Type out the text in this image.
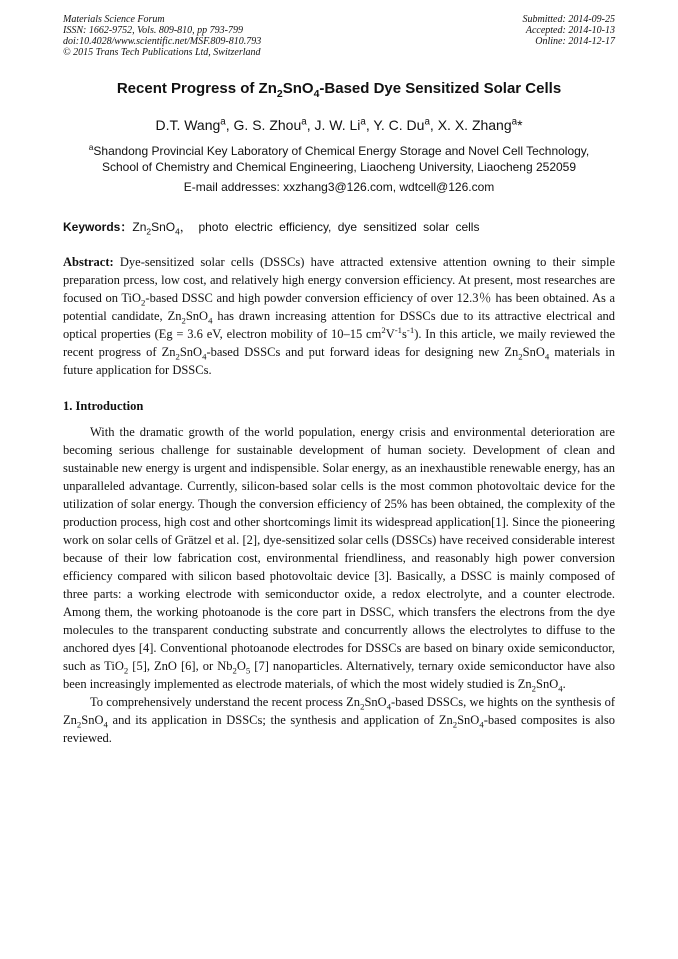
Materials Science Forum
ISSN: 1662-9752, Vols. 809-810, pp 793-799
doi:10.4028/www.scientific.net/MSF.809-810.793
© 2015 Trans Tech Publications Ltd, Switzerland
Submitted: 2014-09-25
Accepted: 2014-10-13
Online: 2014-12-17
Recent Progress of $Zn_2SnO_4$-Based Dye Sensitized Solar Cells
D.T. Wang$^a$, G. S. Zhou$^a$, J. W. Li$^a$, Y. C. Du$^a$, X. X. Zhang$^a$*
$^a$Shandong Provincial Key Laboratory of Chemical Energy Storage and Novel Cell Technology,
School of Chemistry and Chemical Engineering, Liaocheng University, Liaocheng 252059
E-mail addresses: xxzhang3@126.com, wdtcell@126.com
Keywords：$Zn_2SnO_4$， photo electric efficiency, dye sensitized solar cells
Abstract: Dye-sensitized solar cells (DSSCs) have attracted extensive attention owning to their simple preparation prcess, low cost, and relatively high energy conversion efficiency. At present, most researches are focused on TiO$_2$-based DSSC and high powder conversion efficiency of over 12.3％ has been obtained. As a potential candidate, $Zn_2SnO_4$ has drawn increasing attention for DSSCs due to its attractive electrical and optical properties (Eg = 3.6 eV, electron mobility of 10–15 $cm^2V^{-1}s^{-1}$). In this article, we maily reviewed the recent progress of $Zn_2SnO_4$-based DSSCs and put forward ideas for designing new $Zn_2SnO_4$ materials in future application for DSSCs.
1. Introduction

With the dramatic growth of the world population, energy crisis and environmental deterioration are becoming serious challenge for sustainable development of human society. Development of clean and sustainable new energy is urgent and indispensible. Solar energy, as an inexhaustible renewable energy, has an unparalleled advantage. Currently, silicon-based solar cells is the most common photovoltaic device for the utilization of solar energy. Though the conversion efficiency of 25% has been obtained, the complexity of the production process, high cost and other shortcomings limit its widespread application[1]. Since the pioneering work on solar cells of Grätzel et al. [2], dye-sensitized solar cells (DSSCs) have received considerable interest because of their low fabrication cost, environmental friendliness, and reasonably high power conversion efficiency compared with silicon based photovoltaic device [3]. Basically, a DSSC is mainly composed of three parts: a working electrode with semiconductor oxide, a redox electrolyte, and a counter electrode. Among them, the working photoanode is the core part in DSSC, which transfers the electrons from the dye molecules to the transparent conducting substrate and concurrently allows the electrolytes to diffuse to the anchored dyes [4]. Conventional photoanode electrodes for DSSCs are based on binary oxide semiconductor, such as TiO$_2$ [5], ZnO [6], or $Nb_2O_5$ [7] nanoparticles. Alternatively, ternary oxide semiconductor have also been increasingly implemented as electrode materials, of which the most widely studied is $Zn_2SnO_4$.

To comprehensively understand the recent process $Zn_2SnO_4$-based DSSCs, we hights on the synthesis of $Zn_2SnO_4$ and its application in DSSCs; the synthesis and application of $Zn_2SnO_4$-based composites is also reviewed.
